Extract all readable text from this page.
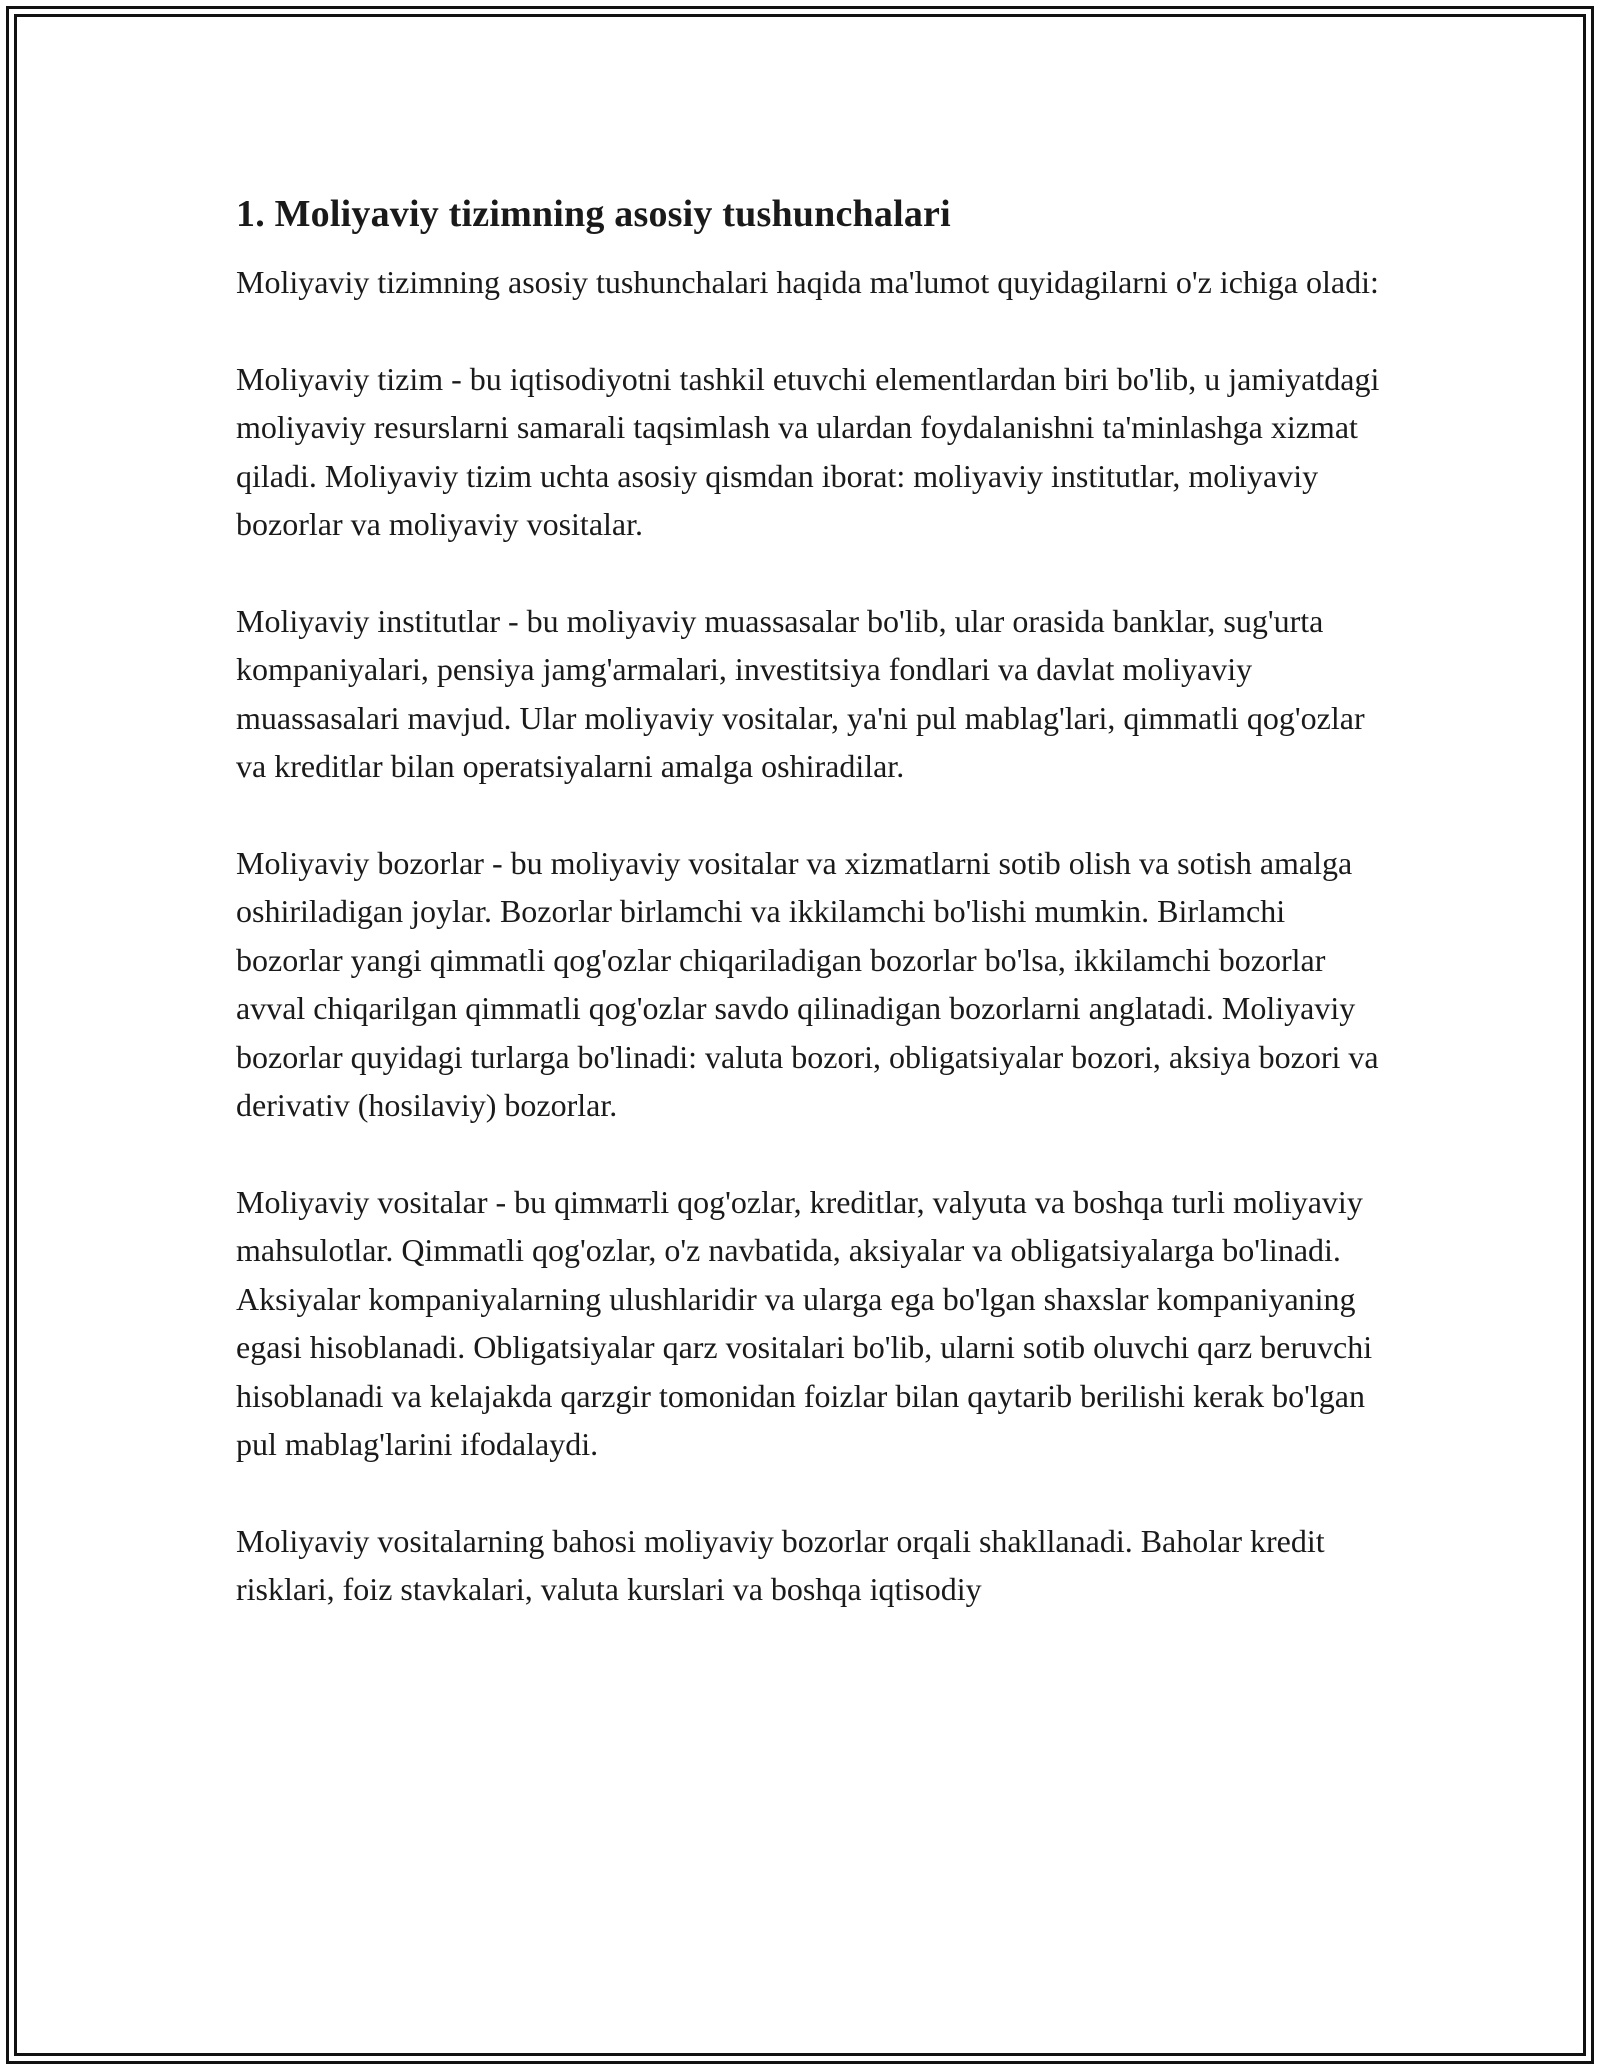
1. Moliyaviy tizimning asosiy tushunchalari

Moliyaviy tizimning asosiy tushunchalari haqida ma'lumot quyidagilarni o'z ichiga oladi:

Moliyaviy tizim - bu iqtisodiyotni tashkil etuvchi elementlardan biri bo'lib, u jamiyatdagi moliyaviy resurslarni samarali taqsimlash va ulardan foydalanishni ta'minlashga xizmat qiladi. Moliyaviy tizim uchta asosiy qismdan iborat: moliyaviy institutlar, moliyaviy bozorlar va moliyaviy vositalar.

Moliyaviy institutlar - bu moliyaviy muassasalar bo'lib, ular orasida banklar, sug'urta kompaniyalari, pensiya jamg'armalari, investitsiya fondlari va davlat moliyaviy muassasalari mavjud. Ular moliyaviy vositalar, ya'ni pul mablag'lari, qimmatli qog'ozlar va kreditlar bilan operatsiyalarni amalga oshiradilar.

Moliyaviy bozorlar - bu moliyaviy vositalar va xizmatlarni sotib olish va sotish amalga oshiriladigan joylar. Bozorlar birlamchi va ikkilamchi bo'lishi mumkin. Birlamchi bozorlar yangi qimmatli qog'ozlar chiqariladigan bozorlar bo'lsa, ikkilamchi bozorlar avval chiqarilgan qimmatli qog'ozlar savdo qilinadigan bozorlarni anglatadi. Moliyaviy bozorlar quyidagi turlarga bo'linadi: valuta bozori, obligatsiyalar bozori, aksiya bozori va derivativ (hosilaviy) bozorlar.

Moliyaviy vositalar - bu qimматli qog'ozlar, kreditlar, valyuta va boshqa turli moliyaviy mahsulotlar. Qimmatli qog'ozlar, o'z navbatida, aksiyalar va obligatsiyalarga bo'linadi. Aksiyalar kompaniyalarning ulushlaridir va ularga ega bo'lgan shaxslar kompaniyaning egasi hisoblanadi. Obligatsiyalar qarz vositalari bo'lib, ularni sotib oluvchi qarz beruvchi hisoblanadi va kelajakda qarzgir tomonidan foizlar bilan qaytarib berilishi kerak bo'lgan pul mablag'larini ifodalaydi.

Moliyaviy vositalarning bahosi moliyaviy bozorlar orqali shakllanadi. Baholar kredit risklari, foiz stavkalari, valuta kurslari va boshqa iqtisodiy
